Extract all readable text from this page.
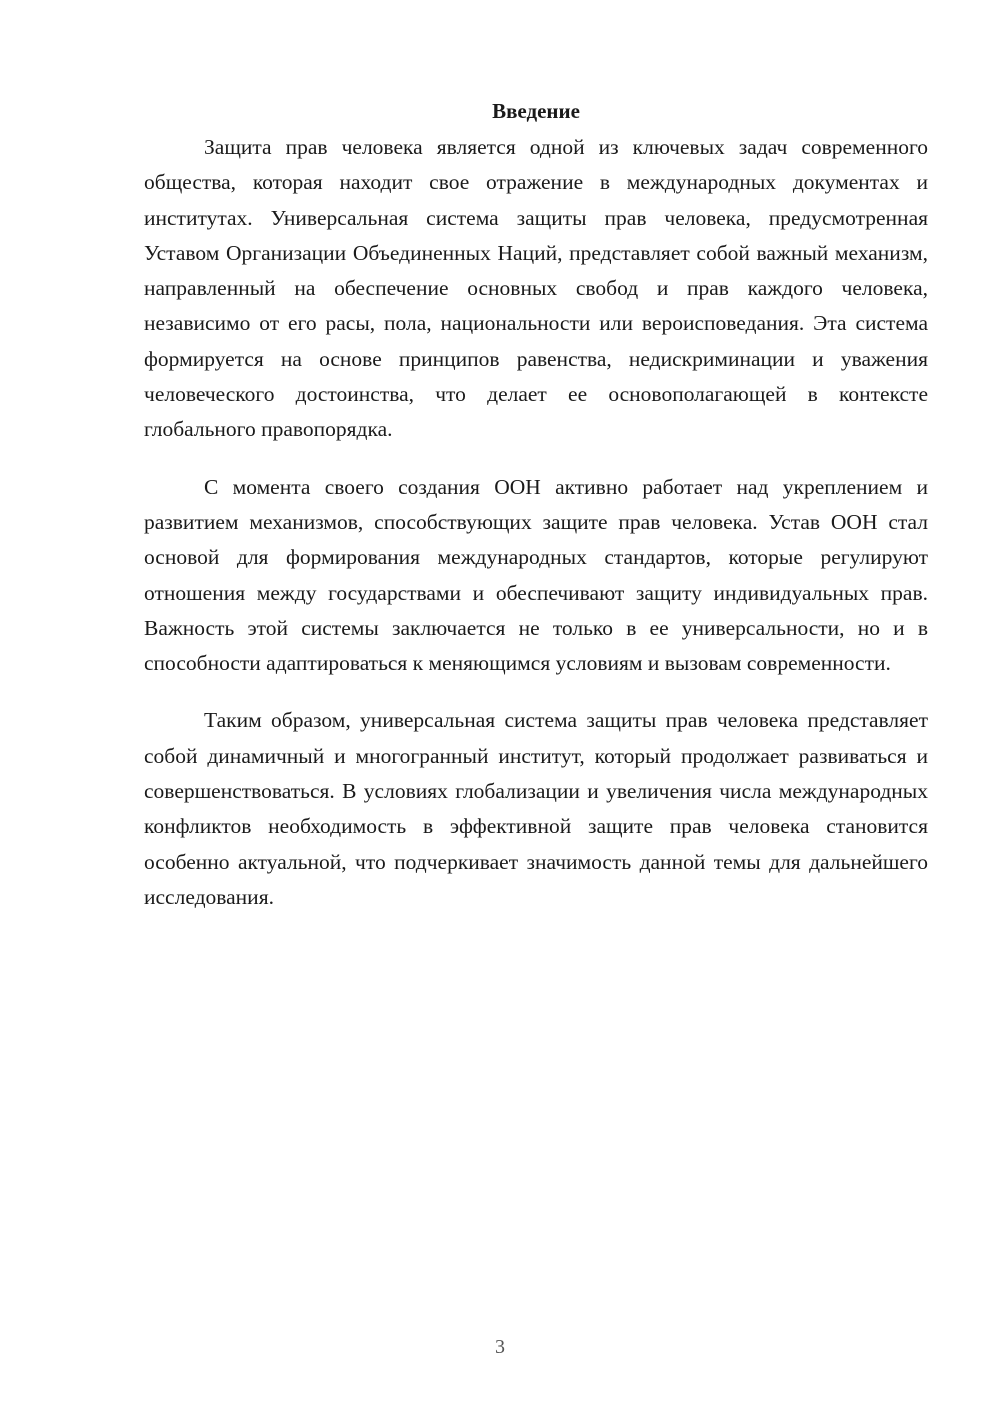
Введение

Защита прав человека является одной из ключевых задач современного общества, которая находит свое отражение в международных документах и институтах. Универсальная система защиты прав человека, предусмотренная Уставом Организации Объединенных Наций, представляет собой важный механизм, направленный на обеспечение основных свобод и прав каждого человека, независимо от его расы, пола, национальности или вероисповедания. Эта система формируется на основе принципов равенства, недискриминации и уважения человеческого достоинства, что делает ее основополагающей в контексте глобального правопорядка.

С момента своего создания ООН активно работает над укреплением и развитием механизмов, способствующих защите прав человека. Устав ООН стал основой для формирования международных стандартов, которые регулируют отношения между государствами и обеспечивают защиту индивидуальных прав. Важность этой системы заключается не только в ее универсальности, но и в способности адаптироваться к меняющимся условиям и вызовам современности.

Таким образом, универсальная система защиты прав человека представляет собой динамичный и многогранный институт, который продолжает развиваться и совершенствоваться. В условиях глобализации и увеличения числа международных конфликтов необходимость в эффективной защите прав человека становится особенно актуальной, что подчеркивает значимость данной темы для дальнейшего исследования.

3
